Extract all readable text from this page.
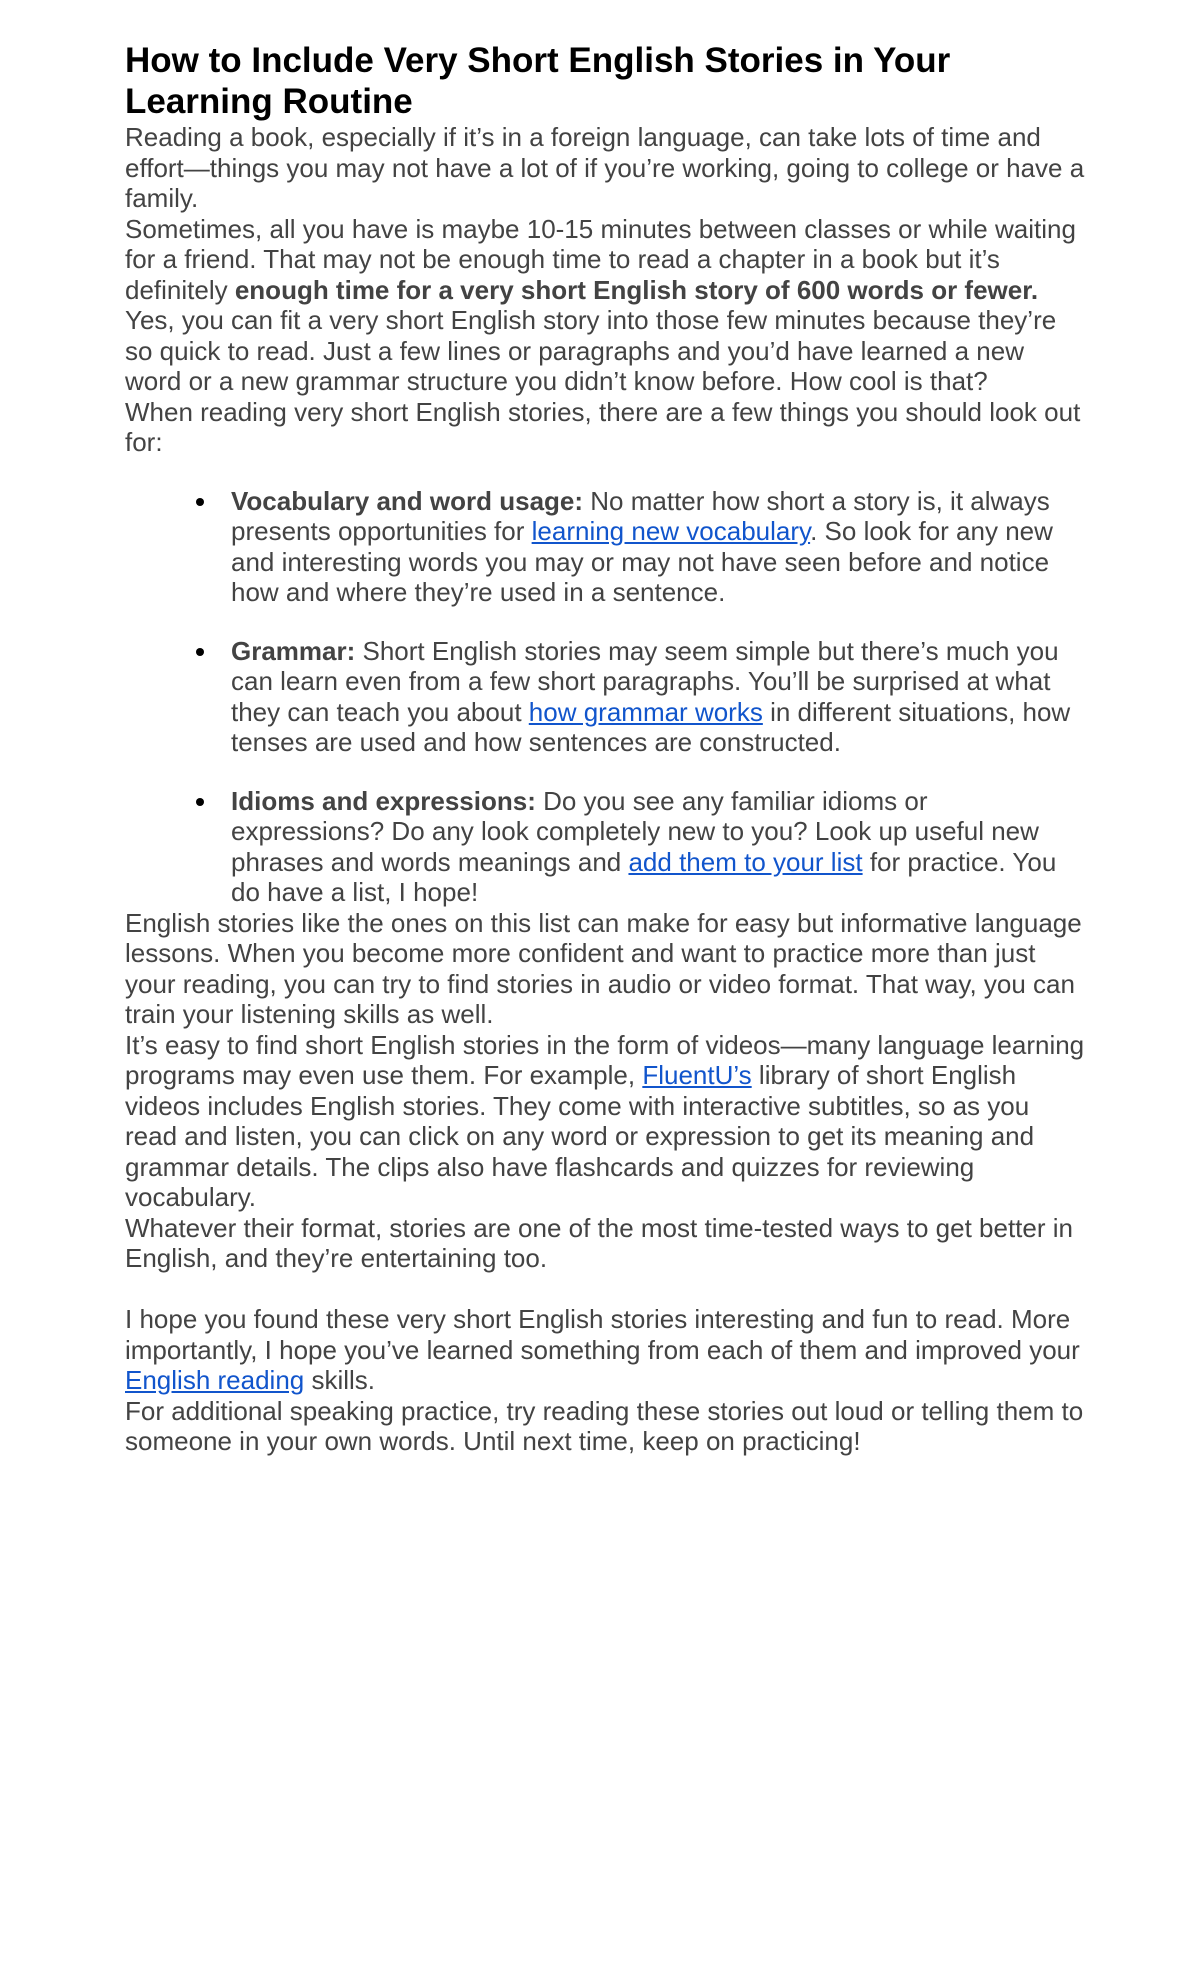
How to Include Very Short English Stories in Your Learning Routine

Reading a book, especially if it’s in a foreign language, can take lots of time and effort—things you may not have a lot of if you’re working, going to college or have a family.

Sometimes, all you have is maybe 10-15 minutes between classes or while waiting for a friend. That may not be enough time to read a chapter in a book but it’s definitely enough time for a very short English story of 600 words or fewer.

Yes, you can fit a very short English story into those few minutes because they’re so quick to read. Just a few lines or paragraphs and you’d have learned a new word or a new grammar structure you didn’t know before. How cool is that?

When reading very short English stories, there are a few things you should look out for:

Vocabulary and word usage: No matter how short a story is, it always presents opportunities for learning new vocabulary. So look for any new and interesting words you may or may not have seen before and notice how and where they’re used in a sentence.
Grammar: Short English stories may seem simple but there’s much you can learn even from a few short paragraphs. You’ll be surprised at what they can teach you about how grammar works in different situations, how tenses are used and how sentences are constructed.
Idioms and expressions: Do you see any familiar idioms or expressions? Do any look completely new to you? Look up useful new phrases and words meanings and add them to your list for practice. You do have a list, I hope!

English stories like the ones on this list can make for easy but informative language lessons. When you become more confident and want to practice more than just your reading, you can try to find stories in audio or video format. That way, you can train your listening skills as well.

It’s easy to find short English stories in the form of videos—many language learning programs may even use them. For example, FluentU’s library of short English videos includes English stories. They come with interactive subtitles, so as you read and listen, you can click on any word or expression to get its meaning and grammar details. The clips also have flashcards and quizzes for reviewing vocabulary.

Whatever their format, stories are one of the most time-tested ways to get better in English, and they’re entertaining too.

I hope you found these very short English stories interesting and fun to read. More importantly, I hope you’ve learned something from each of them and improved your English reading skills.

For additional speaking practice, try reading these stories out loud or telling them to someone in your own words. Until next time, keep on practicing!
